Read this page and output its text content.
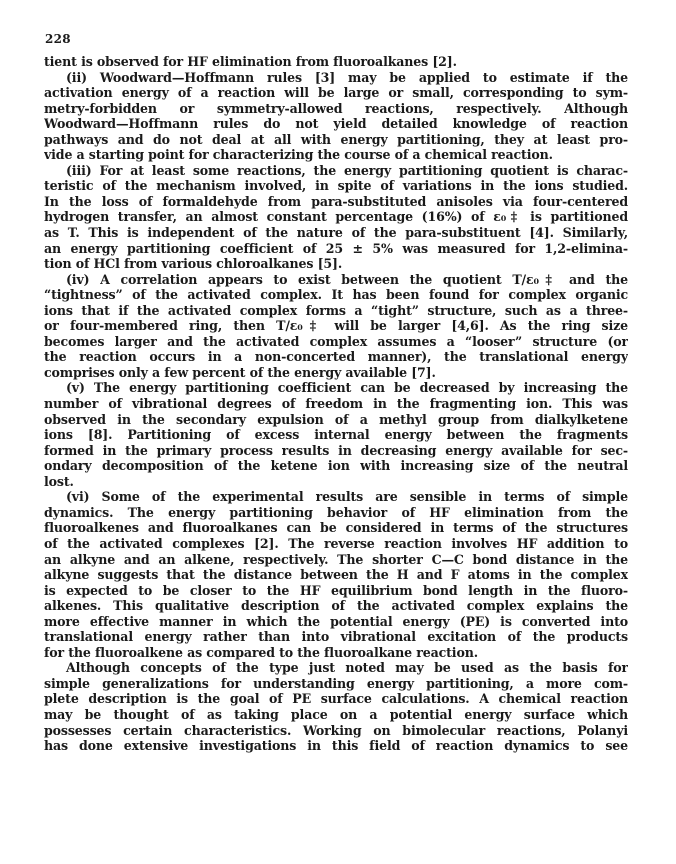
228
tient is observed for HF elimination from fluoroalkanes [2].
(ii) Woodward—Hoffmann rules [3] may be applied to estimate if the
activation energy of a reaction will be large or small, corresponding to sym-
metry-forbidden or symmetry-allowed reactions, respectively. Although
Woodward—Hoffmann rules do not yield detailed knowledge of reaction
pathways and do not deal at all with energy partitioning, they at least pro-
vide a starting point for characterizing the course of a chemical reaction.
(iii) For at least some reactions, the energy partitioning quotient is charac-
teristic of the mechanism involved, in spite of variations in the ions studied.
In the loss of formaldehyde from para-substituted anisoles via four-centered
hydrogen transfer, an almost constant percentage (16%) of ε₀‡ is partitioned
as T. This is independent of the nature of the para-substituent [4]. Similarly,
an energy partitioning coefficient of 25 ± 5% was measured for 1,2-elimina-
tion of HCl from various chloroalkanes [5].
(iv) A correlation appears to exist between the quotient T/ε₀‡ and the
“tightness” of the activated complex. It has been found for complex organic
ions that if the activated complex forms a “tight” structure, such as a three-
or four-membered ring, then T/ε₀‡ will be larger [4,6]. As the ring size
becomes larger and the activated complex assumes a “looser” structure (or
the reaction occurs in a non-concerted manner), the translational energy
comprises only a few percent of the energy available [7].
(v) The energy partitioning coefficient can be decreased by increasing the
number of vibrational degrees of freedom in the fragmenting ion. This was
observed in the secondary expulsion of a methyl group from dialkylketene
ions [8]. Partitioning of excess internal energy between the fragments
formed in the primary process results in decreasing energy available for sec-
ondary decomposition of the ketene ion with increasing size of the neutral
lost.
(vi) Some of the experimental results are sensible in terms of simple
dynamics. The energy partitioning behavior of HF elimination from the
fluoroalkenes and fluoroalkanes can be considered in terms of the structures
of the activated complexes [2]. The reverse reaction involves HF addition to
an alkyne and an alkene, respectively. The shorter C—C bond distance in the
alkyne suggests that the distance between the H and F atoms in the complex
is expected to be closer to the HF equilibrium bond length in the fluoro-
alkenes. This qualitative description of the activated complex explains the
more effective manner in which the potential energy (PE) is converted into
translational energy rather than into vibrational excitation of the products
for the fluoroalkene as compared to the fluoroalkane reaction.
Although concepts of the type just noted may be used as the basis for
simple generalizations for understanding energy partitioning, a more com-
plete description is the goal of PE surface calculations. A chemical reaction
may be thought of as taking place on a potential energy surface which
possesses certain characteristics. Working on bimolecular reactions, Polanyi
has done extensive investigations in this field of reaction dynamics to see
